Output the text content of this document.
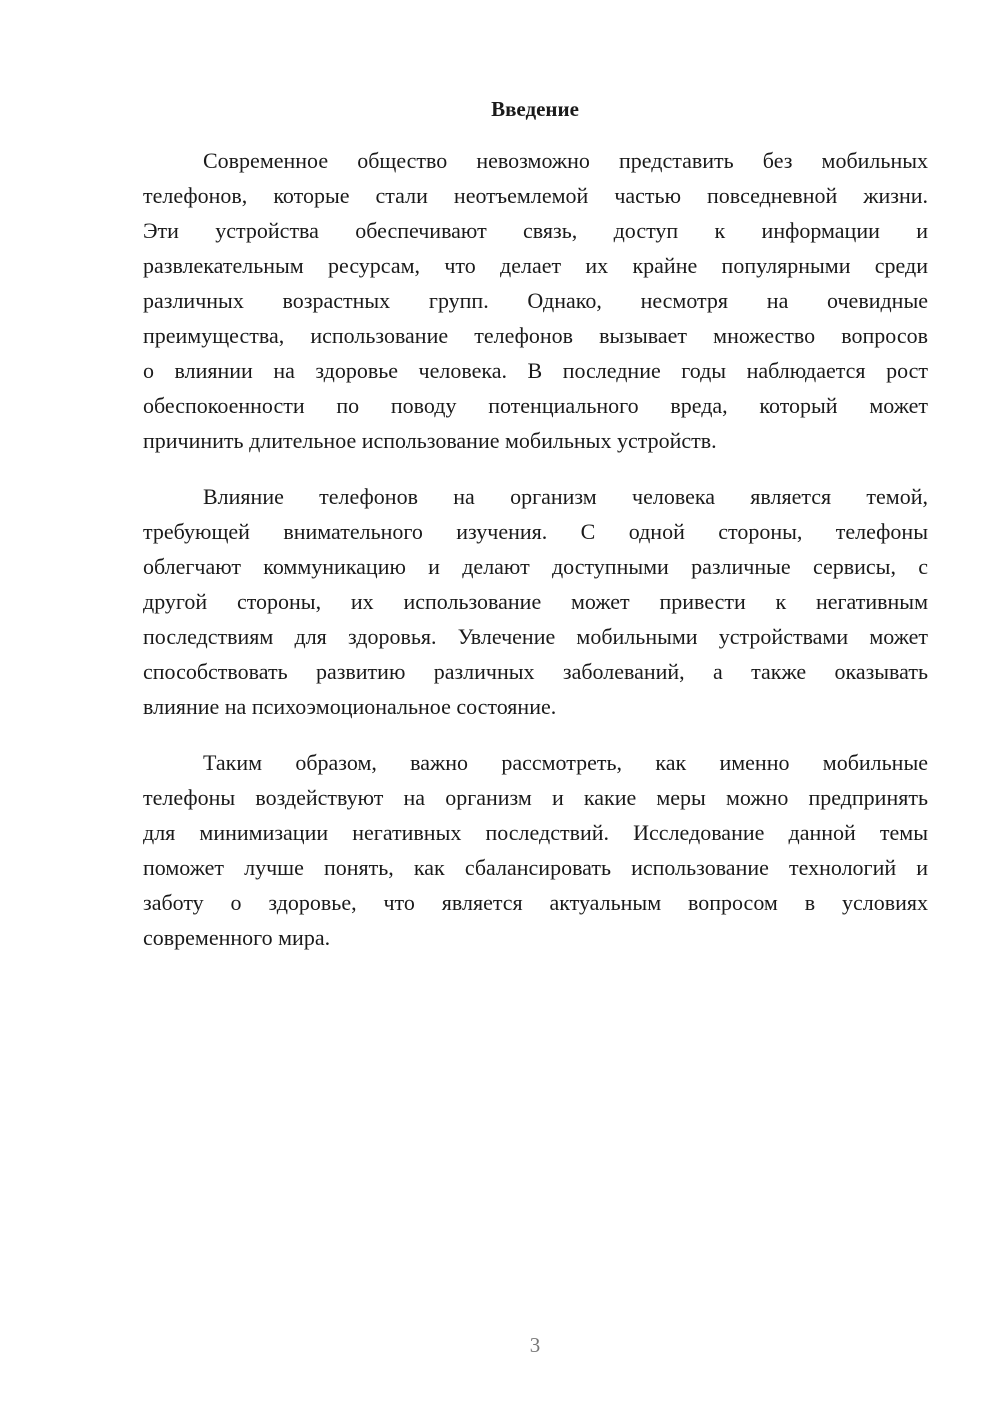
Введение
Современное общество невозможно представить без мобильных
телефонов, которые стали неотъемлемой частью повседневной жизни.
Эти устройства обеспечивают связь, доступ к информации и
развлекательным ресурсам, что делает их крайне популярными среди
различных возрастных групп. Однако, несмотря на очевидные
преимущества, использование телефонов вызывает множество вопросов
о влиянии на здоровье человека. В последние годы наблюдается рост
обеспокоенности по поводу потенциального вреда, который может
причинить длительное использование мобильных устройств.
Влияние телефонов на организм человека является темой,
требующей внимательного изучения. С одной стороны, телефоны
облегчают коммуникацию и делают доступными различные сервисы, с
другой стороны, их использование может привести к негативным
последствиям для здоровья. Увлечение мобильными устройствами может
способствовать развитию различных заболеваний, а также оказывать
влияние на психоэмоциональное состояние.
Таким образом, важно рассмотреть, как именно мобильные
телефоны воздействуют на организм и какие меры можно предпринять
для минимизации негативных последствий. Исследование данной темы
поможет лучше понять, как сбалансировать использование технологий и
заботу о здоровье, что является актуальным вопросом в условиях
современного мира.
3
